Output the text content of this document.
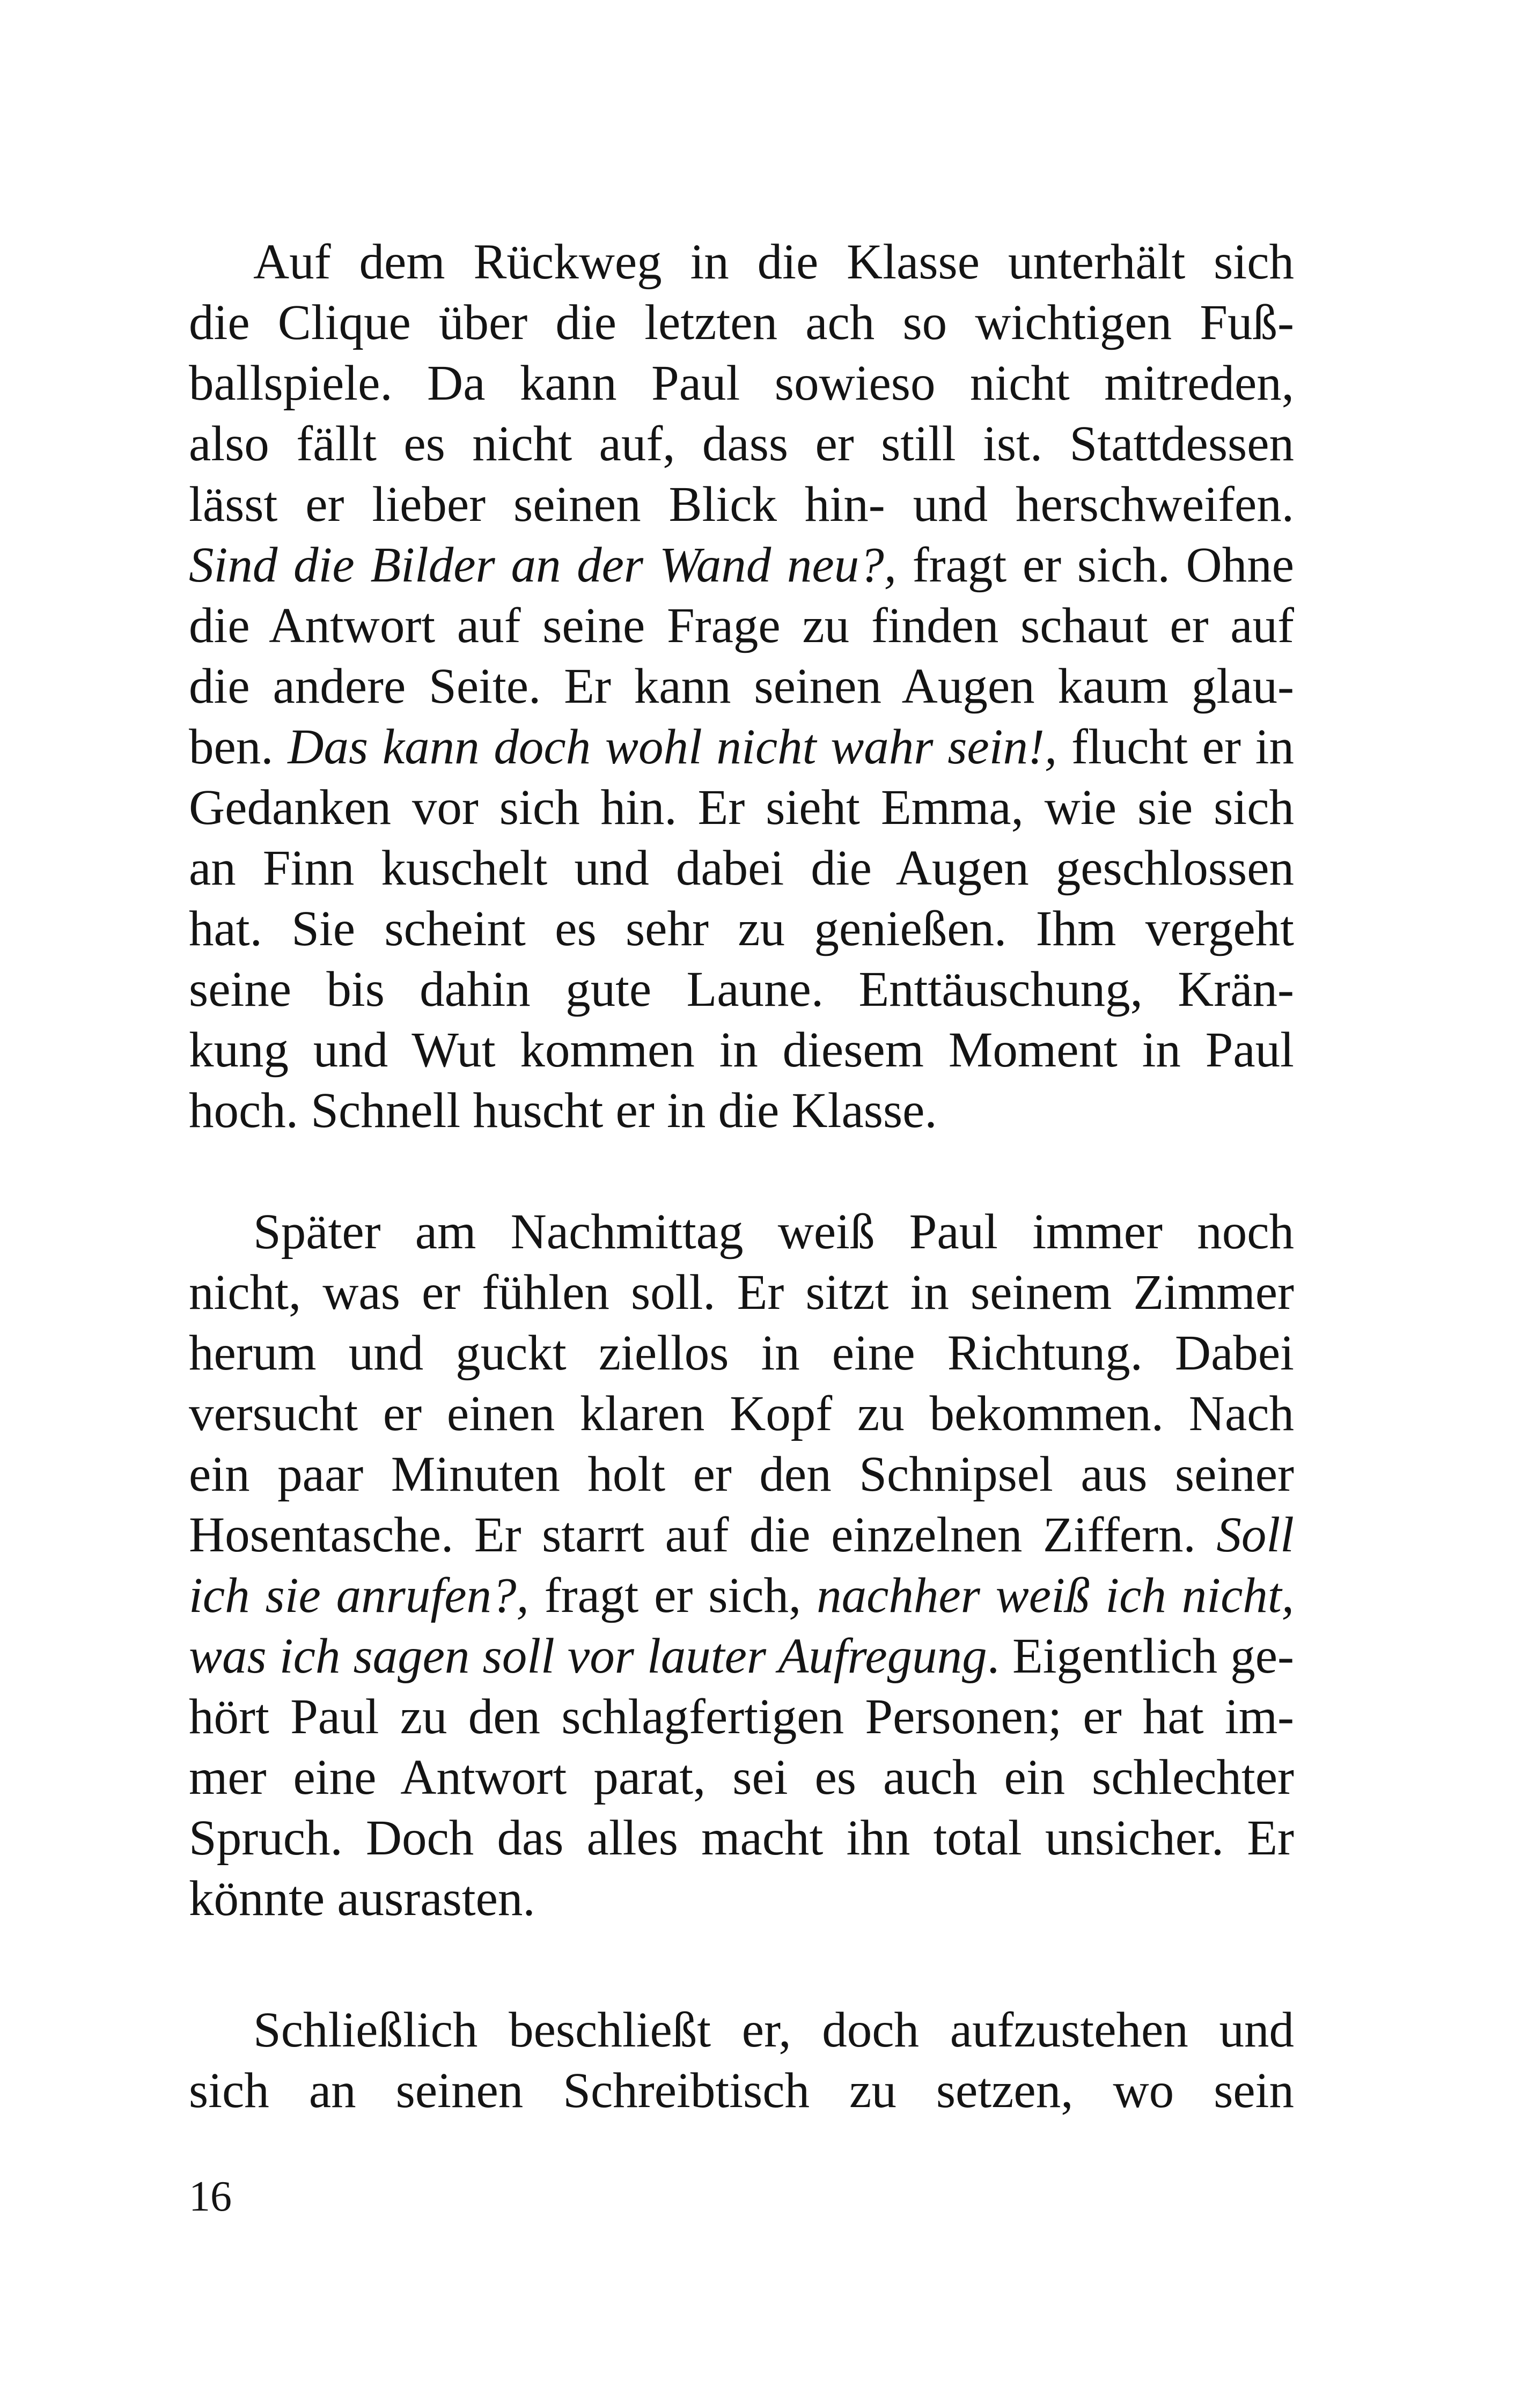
Auf dem Rückweg in die Klasse unterhält sich
die Clique über die letzten ach so wichtigen Fuß-
ballspiele. Da kann Paul sowieso nicht mitreden,
also fällt es nicht auf, dass er still ist. Stattdessen
lässt er lieber seinen Blick hin- und herschweifen.
Sind die Bilder an der Wand neu?, fragt er sich. Ohne
die Antwort auf seine Frage zu finden schaut er auf
die andere Seite. Er kann seinen Augen kaum glau-
ben. Das kann doch wohl nicht wahr sein!, flucht er in
Gedanken vor sich hin. Er sieht Emma, wie sie sich
an Finn kuschelt und dabei die Augen geschlossen
hat. Sie scheint es sehr zu genießen. Ihm vergeht
seine bis dahin gute Laune. Enttäuschung, Krän-
kung und Wut kommen in diesem Moment in Paul
hoch. Schnell huscht er in die Klasse.
Später am Nachmittag weiß Paul immer noch
nicht, was er fühlen soll. Er sitzt in seinem Zimmer
herum und guckt ziellos in eine Richtung. Dabei
versucht er einen klaren Kopf zu bekommen. Nach
ein paar Minuten holt er den Schnipsel aus seiner
Hosentasche. Er starrt auf die einzelnen Ziffern. Soll
ich sie anrufen?, fragt er sich, nachher weiß ich nicht,
was ich sagen soll vor lauter Aufregung. Eigentlich ge-
hört Paul zu den schlagfertigen Personen; er hat im-
mer eine Antwort parat, sei es auch ein schlechter
Spruch. Doch das alles macht ihn total unsicher. Er
könnte ausrasten.
Schließlich beschließt er, doch aufzustehen und
sich an seinen Schreibtisch zu setzen, wo sein
16
